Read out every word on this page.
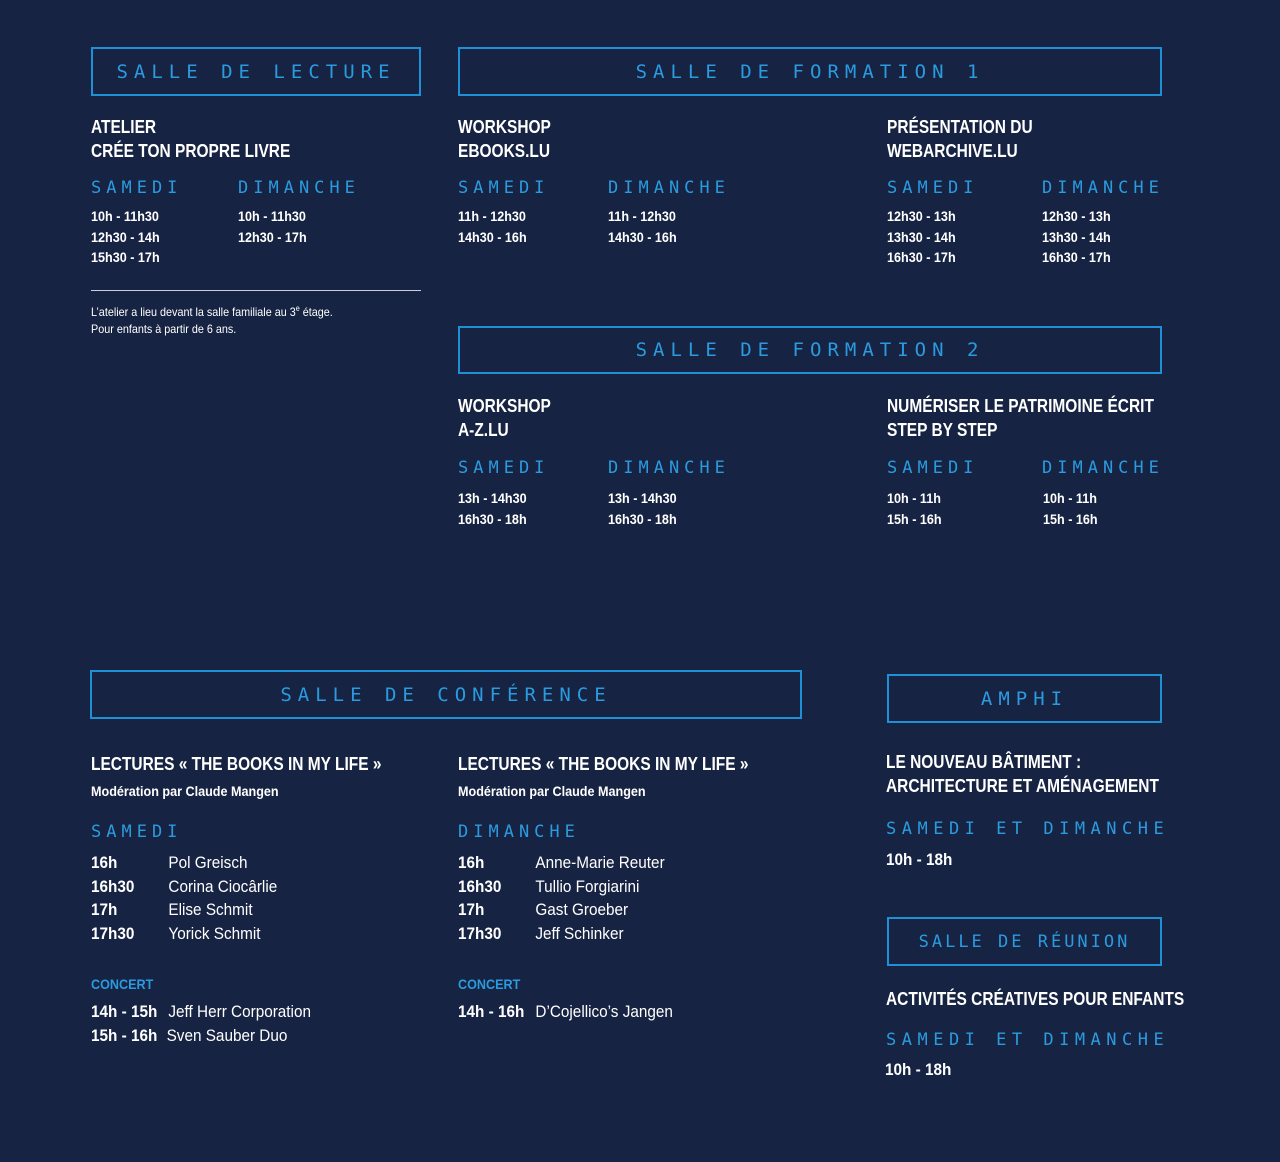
SALLE DE LECTURE
ATELIER
CRÉE TON PROPRE LIVRE
SAMEDI
10h - 11h30
12h30 - 14h
15h30 - 17h
DIMANCHE
10h - 11h30
12h30 - 17h
L’atelier a lieu devant la salle familiale au 3e étage.
Pour enfants à partir de 6 ans.
SALLE DE FORMATION 1
WORKSHOP
EBOOKS.LU
SAMEDI
11h - 12h30
14h30 - 16h
DIMANCHE
11h - 12h30
14h30 - 16h
PRÉSENTATION DU
WEBARCHIVE.LU
SAMEDI
12h30 - 13h
13h30 - 14h
16h30 - 17h
DIMANCHE
12h30 - 13h
13h30 - 14h
16h30 - 17h
SALLE DE FORMATION 2
WORKSHOP
A-Z.LU
SAMEDI
13h - 14h30
16h30 - 18h
DIMANCHE
13h - 14h30
16h30 - 18h
NUMÉRISER LE PATRIMOINE ÉCRIT
STEP BY STEP
SAMEDI
10h - 11h
15h - 16h
DIMANCHE
10h - 11h
15h - 16h
SALLE DE CONFÉRENCE
LECTURES « THE BOOKS IN MY LIFE »
Modération par Claude Mangen
SAMEDI
16h	Pol Greisch
16h30 Corina Ciocârlie
17h	Elise Schmit
17h30 Yorick Schmit
CONCERT
14h - 15h Jeff Herr Corporation
15h - 16h Sven Sauber Duo
LECTURES « THE BOOKS IN MY LIFE »
Modération par Claude Mangen
DIMANCHE
16h	Anne-Marie Reuter
16h30 Tullio Forgiarini
17h	Gast Groeber
17h30 Jeff Schinker
CONCERT
14h - 16h D’Cojellico’s Jangen
AMPHI
LE NOUVEAU BÂTIMENT :
ARCHITECTURE ET AMÉNAGEMENT
SAMEDI ET DIMANCHE
10h - 18h
SALLE DE RÉUNION
ACTIVITÉS CRÉATIVES POUR ENFANTS
SAMEDI ET DIMANCHE
10h - 18h
